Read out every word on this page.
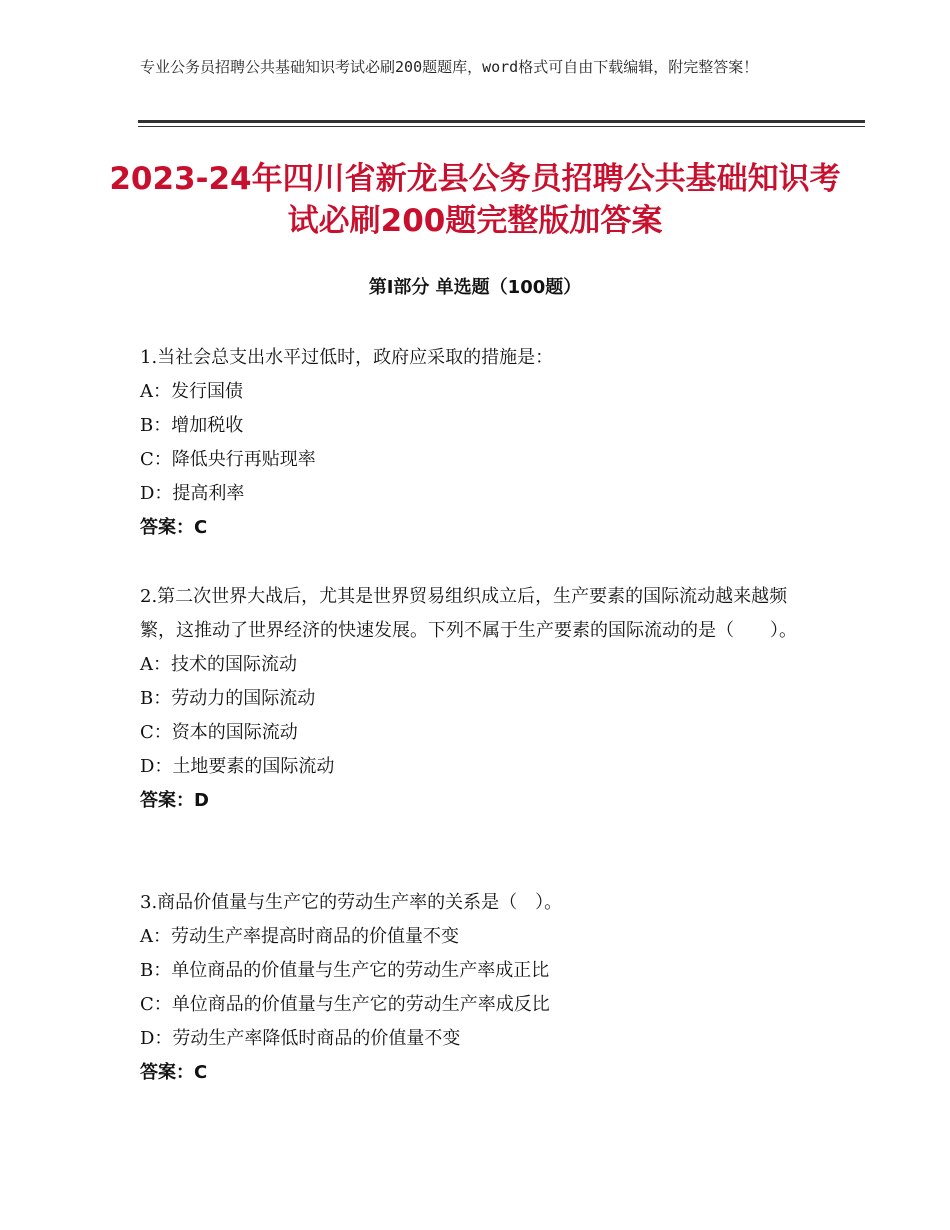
专业公务员招聘公共基础知识考试必刷200题题库，word格式可自由下载编辑，附完整答案！
2023-24年四川省新龙县公务员招聘公共基础知识考试必刷200题完整版加答案
第Ⅰ部分 单选题（100题）
1.当社会总支出水平过低时，政府应采取的措施是：
A：发行国债
B：增加税收
C：降低央行再贴现率
D：提高利率
答案：C
2.第二次世界大战后，尤其是世界贸易组织成立后，生产要素的国际流动越来越频繁，这推动了世界经济的快速发展。下列不属于生产要素的国际流动的是（　　）。
A：技术的国际流动
B：劳动力的国际流动
C：资本的国际流动
D：土地要素的国际流动
答案：D
3.商品价值量与生产它的劳动生产率的关系是（　）。
A：劳动生产率提高时商品的价值量不变
B：单位商品的价值量与生产它的劳动生产率成正比
C：单位商品的价值量与生产它的劳动生产率成反比
D：劳动生产率降低时商品的价值量不变
答案：C
